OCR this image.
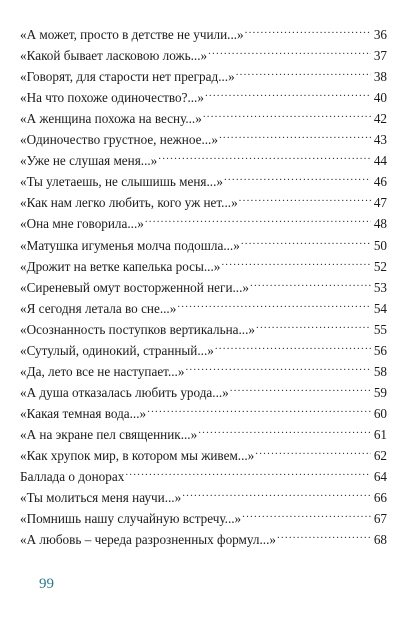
«А может, просто в детстве не учили...» .....	36
«Какой бывает ласковою ложь...» .....	37
«Говорят, для старости нет преград...» .....	38
«На что похоже одиночество?...» .....	40
«А женщина похожа на весну...» .....	42
«Одиночество грустное, нежное...» .....	43
«Уже не слушая меня...» .....	44
«Ты улетаешь, не слышишь меня...» .....	46
«Как нам легко любить, кого уж нет...» .....	47
«Она мне говорила...» .....	48
«Матушка игуменья молча подошла...» .....	50
«Дрожит на ветке капелька росы...» .....	52
«Сиреневый омут восторженной неги...» .....	53
«Я сегодня летала во сне...» .....	54
«Осознанность поступков вертикальна...» .....	55
«Сутулый, одинокий, странный...» .....	56
«Да, лето все не наступает...» .....	58
«А душа отказалась любить урода...» .....	59
«Какая темная вода...» .....	60
«А на экране пел священник...» .....	61
«Как хрупок мир, в котором мы живем...» .....	62
Баллада о донорах .....	64
«Ты молиться меня научи...» .....	66
«Помнишь нашу случайную встречу...» .....	67
«А любовь – череда разрозненных формул...» .....	68
99
